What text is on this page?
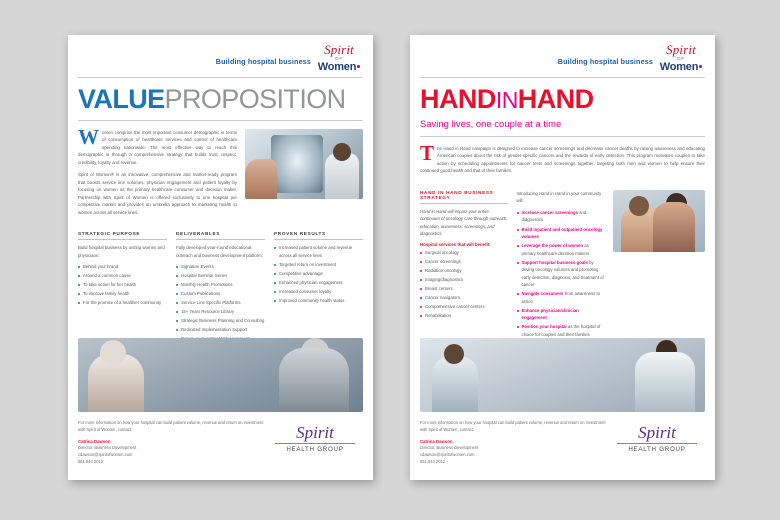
Building hospital business
Spirit
OF
Women
VALUEPROPOSITION

Women comprise the most important consumer demographic in terms of consumption of healthcare services and control of healthcare spending nationwide. The most effective way to reach this demographic is through a comprehensive strategy that builds trust, respect, credibility, loyalty and revenue.

Spirit of Women® is an innovative, comprehensive and market-ready program that boosts service line volumes, physician engagement and patient loyalty by focusing on women as the primary healthcare consumer and decision maker. Partnership with Spirit of Women is offered exclusively to one hospital per competitive market and provides an umbrella approach to marketing health to women across all service lines.

STRATEGIC PURPOSE

Build hospital business by uniting women and physicians:

Behind your brand
Around a common cause
To take action for her health
To improve family health
For the promise of a healthier community
DELIVERABLES

Fully developed year-round educational, outreach and business development platform:

Signature Events
Hospital Seminar Series
Monthly Health Promotions
Custom Publications
Service-Line Specific Platforms
15+ Years Resource Library
Strategic Business Planning and Consulting
Dedicated Implementation Support
PROVEN RESULTS
Increased patient volume and revenue across all service lines
Targeted return on investment
Competitive advantage
Enhanced physician engagement
Increased consumer loyalty
Improved community health status
For more information on how your hospital can build patient volume, revenue and return on investment with Spirit of Women, contact:
Catrina Dawson
Director, Business Development
cdawson@spiritofwomen.com
561.544.2012
Spirit
HEALTH GROUP
Building hospital business
Spirit
OF
Women
HANDINHAND
Saving lives, one couple at a time

The Hand in Hand campaign is designed to increase cancer screenings and decrease cancer deaths by raising awareness and educating American couples about the risk of gender-specific cancers and the rewards of early detection. This program motivates couples to take action by scheduling appointments for cancer tests and screenings together, targeting both men and women to help ensure their continued good health and that of their families.

HAND IN HAND BUSINESS STRATEGY

Hand in Hand will impact your entire continuum of oncology care through outreach, education, awareness, screenings, and diagnostics.

Hospital services that will benefit:
Surgical oncology
Cancer screenings
Radiation oncology
Imaging/diagnostics
Breast centers
Cancer navigators
Comprehensive cancer centers
Rehabilitation

Introducing Hand in Hand in your community will:

Increase cancer screenings and diagnostics
Build inpatient and outpatient oncology volumes
Leverage the power of women as primary healthcare decision makers
Support hospital business goals by driving oncology volumes and promoting early detection, diagnosis, and treatment of cancer
Navigate consumers from awareness to action
Enhance physician/clinician engagement
Position your hospital as the hospital of choice for couples and their families
For more information on how your hospital can build patient volume, revenue and return on investment with Spirit of Women, contact:
Catrina Dawson
Director, Business Development
cdawson@spiritofwomen.com
561.544.2012
Spirit
HEALTH GROUP
